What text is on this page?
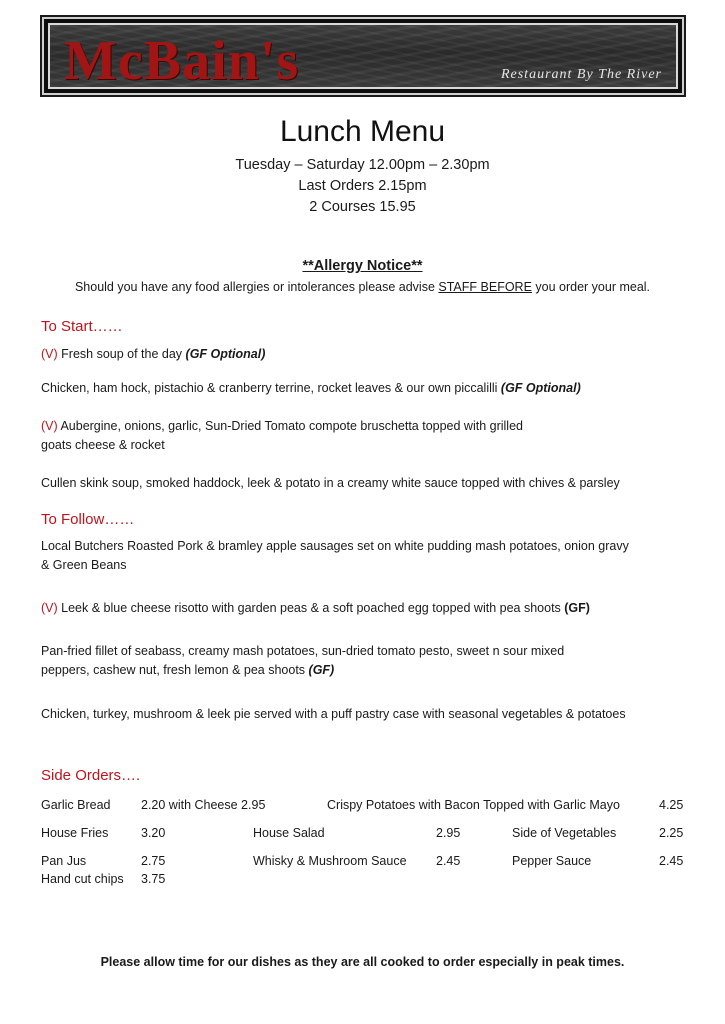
McBain's	Restaurant By The River
Lunch Menu
Tuesday – Saturday 12.00pm – 2.30pm
Last Orders 2.15pm
2 Courses 15.95
**Allergy Notice**
Should you have any food allergies or intolerances please advise STAFF BEFORE you order your meal.
To Start……
(V) Fresh soup of the day (GF Optional)
Chicken, ham hock, pistachio & cranberry terrine, rocket leaves & our own piccalilli (GF Optional)
(V) Aubergine, onions, garlic, Sun-Dried Tomato compote bruschetta topped with grilled
goats cheese & rocket
Cullen skink soup, smoked haddock, leek & potato in a creamy white sauce topped with chives & parsley
To Follow……
Local Butchers Roasted Pork & bramley apple sausages set on white pudding mash potatoes, onion gravy
& Green Beans
(V) Leek & blue cheese risotto with garden peas & a soft poached egg topped with pea shoots (GF)
Pan-fried fillet of seabass, creamy mash potatoes, sun-dried tomato pesto, sweet n sour mixed
peppers, cashew nut, fresh lemon & pea shoots (GF)
Chicken, turkey, mushroom & leek pie served with a puff pastry case with seasonal vegetables & potatoes
Side Orders….
Garlic Bread 2.20 with Cheese 2.95	Crispy Potatoes with Bacon Topped with Garlic Mayo	4.25
House Fries	3.20	House Salad	2.95	Side of Vegetables	2.25
Pan Jus	2.75	Whisky & Mushroom Sauce 2.45	Pepper Sauce	2.45
Hand cut chips 3.75
Please allow time for our dishes as they are all cooked to order especially in peak times.
